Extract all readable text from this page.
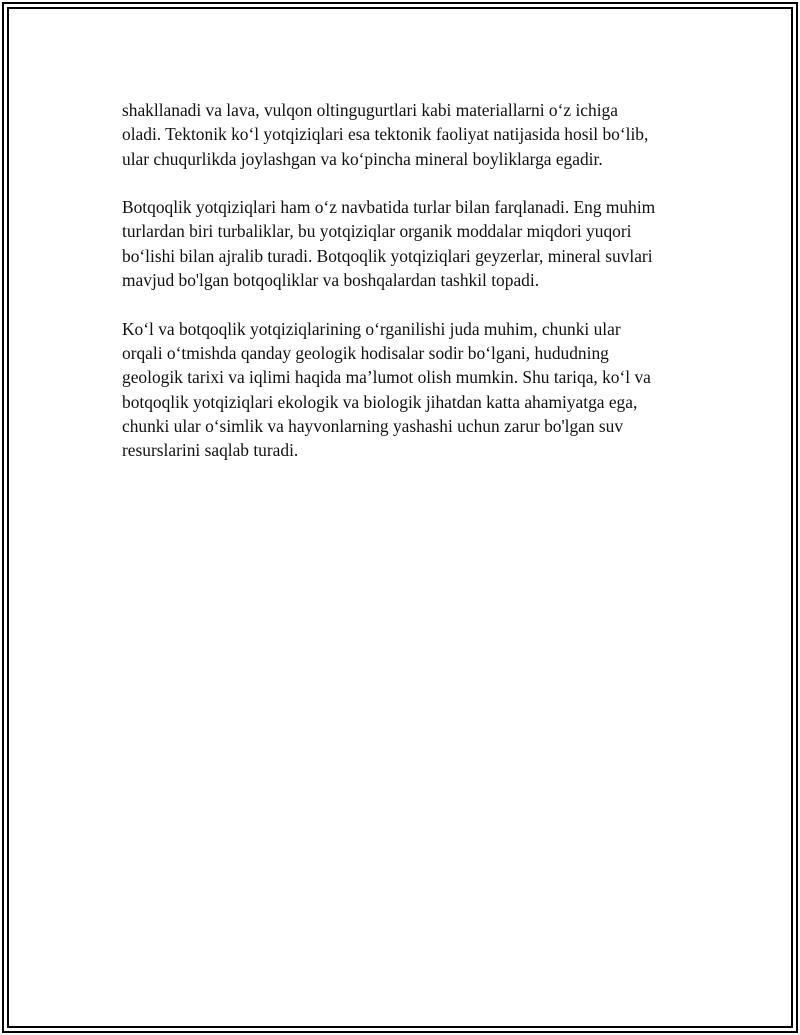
shakllanadi va lava, vulqon oltingugurtlari kabi materiallarni o‘z ichiga
oladi. Tektonik ko‘l yotqiziqlari esa tektonik faoliyat natijasida hosil bo‘lib,
ular chuqurlikda joylashgan va ko‘pincha mineral boyliklarga egadir.

Botqoqlik yotqiziqlari ham o‘z navbatida turlar bilan farqlanadi. Eng muhim
turlardan biri turbaliklar, bu yotqiziqlar organik moddalar miqdori yuqori
bo‘lishi bilan ajralib turadi. Botqoqlik yotqiziqlari geyzerlar, mineral suvlari
mavjud bo'lgan botqoqliklar va boshqalardan tashkil topadi.

Ko‘l va botqoqlik yotqiziqlarining o‘rganilishi juda muhim, chunki ular
orqali o‘tmishda qanday geologik hodisalar sodir bo‘lgani, hududning
geologik tarixi va iqlimi haqida ma’lumot olish mumkin. Shu tariqa, ko‘l va
botqoqlik yotqiziqlari ekologik va biologik jihatdan katta ahamiyatga ega,
chunki ular o‘simlik va hayvonlarning yashashi uchun zarur bo'lgan suv
resurslarini saqlab turadi.
